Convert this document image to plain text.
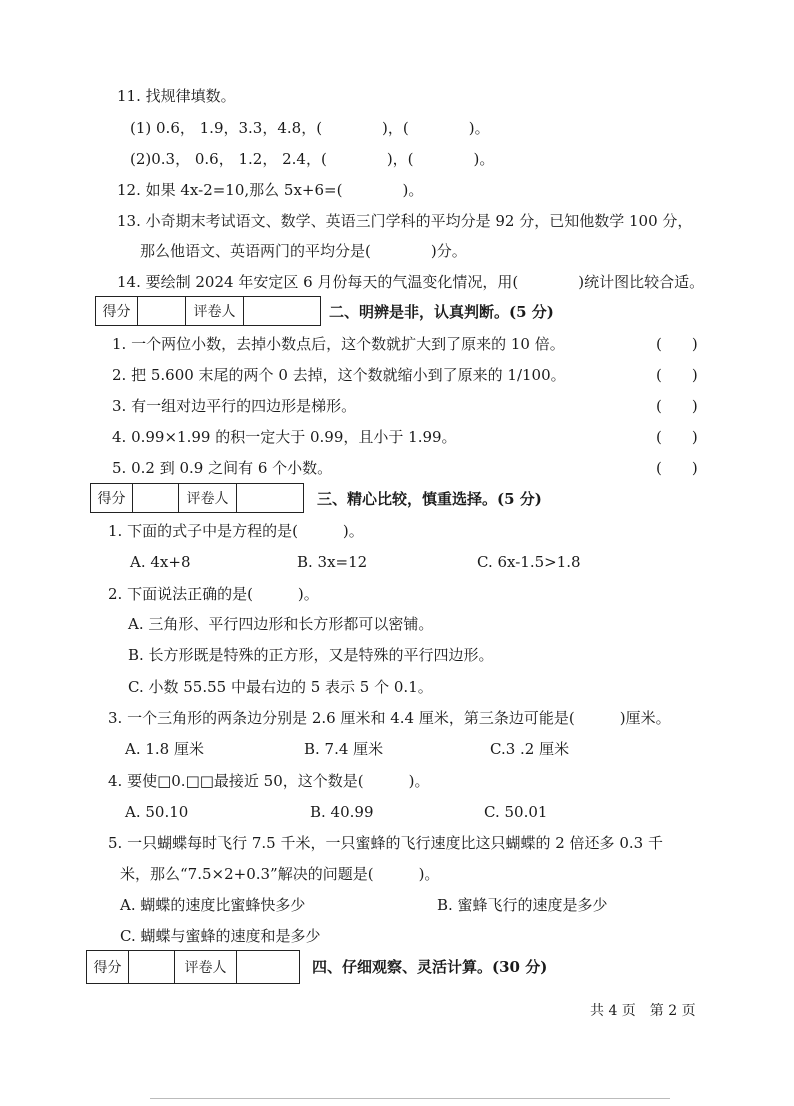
11. 找规律填数。
(1) 0.6， 1.9，3.3，4.8，(　　　　)，(　　　　)。
(2)0.3， 0.6， 1.2， 2.4，(　　　　)，(　　　　)。
12. 如果 4x-2=10,那么 5x+6=(　　　　)。
13. 小奇期末考试语文、数学、英语三门学科的平均分是 92 分，已知他数学 100 分，
那么他语文、英语两门的平均分是(　　　　)分。
14. 要绘制 2024 年安定区 6 月份每天的气温变化情况，用(　　　　)统计图比较合适。
得分	评卷人	二、明辨是非，认真判断。(5 分)
1. 一个两位小数，去掉小数点后，这个数就扩大到了原来的 10 倍。	(　　)
2. 把 5.600 末尾的两个 0 去掉，这个数就缩小到了原来的 1/100。	(　　)
3. 有一组对边平行的四边形是梯形。	(　　)
4. 0.99×1.99 的积一定大于 0.99，且小于 1.99。	(　　)
5. 0.2 到 0.9 之间有 6 个小数。	(　　)
得分	评卷人	三、精心比较，慎重选择。(5 分)
1. 下面的式子中是方程的是(　　　)。
A. 4x+8	B. 3x=12	C. 6x-1.5>1.8
2. 下面说法正确的是(　　　)。
A. 三角形、平行四边形和长方形都可以密铺。
B. 长方形既是特殊的正方形，又是特殊的平行四边形。
C. 小数 55.55 中最右边的 5 表示 5 个 0.1。
3. 一个三角形的两条边分别是 2.6 厘米和 4.4 厘米，第三条边可能是(　　　)厘米。
A. 1.8 厘米	B. 7.4 厘米	C.3 .2 厘米
4. 要使□0.□□最接近 50，这个数是(　　　)。
A. 50.10	B. 40.99	C. 50.01
5. 一只蝴蝶每时飞行 7.5 千米，一只蜜蜂的飞行速度比这只蝴蝶的 2 倍还多 0.3 千
米，那么“7.5×2+0.3”解决的问题是(　　　)。
A. 蝴蝶的速度比蜜蜂快多少	B. 蜜蜂飞行的速度是多少
C. 蝴蝶与蜜蜂的速度和是多少
得分	评卷人	四、仔细观察、灵活计算。(30 分)
共 4 页　第 2 页
